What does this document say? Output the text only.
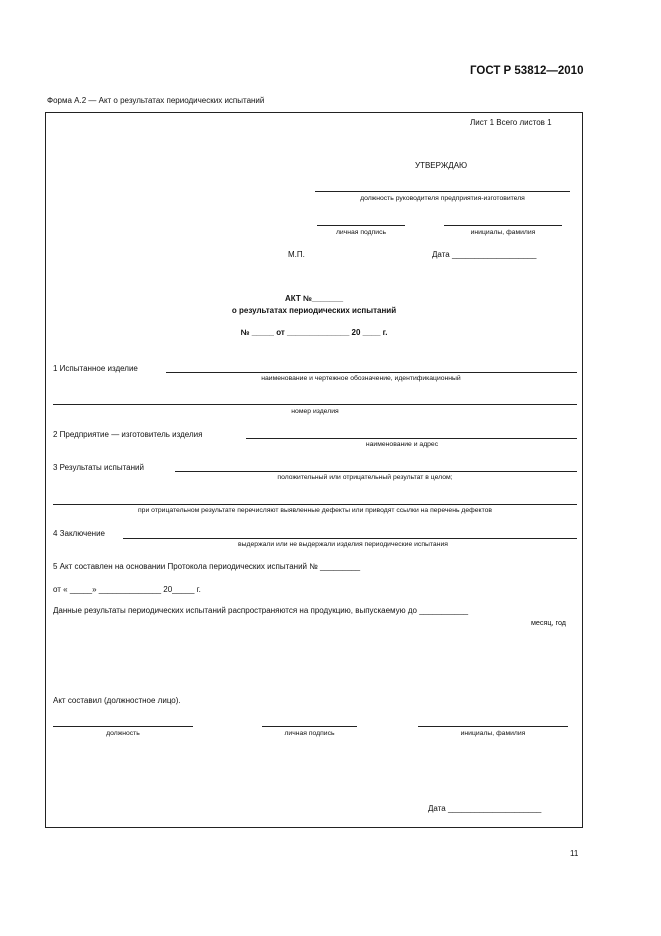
ГОСТ Р 53812—2010
Форма А.2 — Акт о результатах периодических испытаний
Лист 1 Всего листов 1
УТВЕРЖДАЮ
должность руководителя предприятия-изготовителя
личная подпись	инициалы, фамилия
М.П.	Дата ___________________
АКТ №_______
о результатах периодических испытаний
№ _____ от ______________ 20 ____ г.
1 Испытанное изделие
наименование и чертежное обозначение, идентификационный
номер изделия
2 Предприятие — изготовитель изделия
наименование и адрес
3 Результаты испытаний
положительный или отрицательный результат в целом;
при отрицательном результате перечисляют выявленные дефекты или приводят ссылки на перечень дефектов
4 Заключение
выдержали или не выдержали изделия периодические испытания
5 Акт составлен на основании Протокола периодических испытаний № _________
от « _____» ______________ 20_____ г.
Данные результаты периодических испытаний распространяются на продукцию, выпускаемую до ___________
месяц, год
Акт составил (должностное лицо).
должность	личная подпись	инициалы, фамилия
Дата _____________________
11
